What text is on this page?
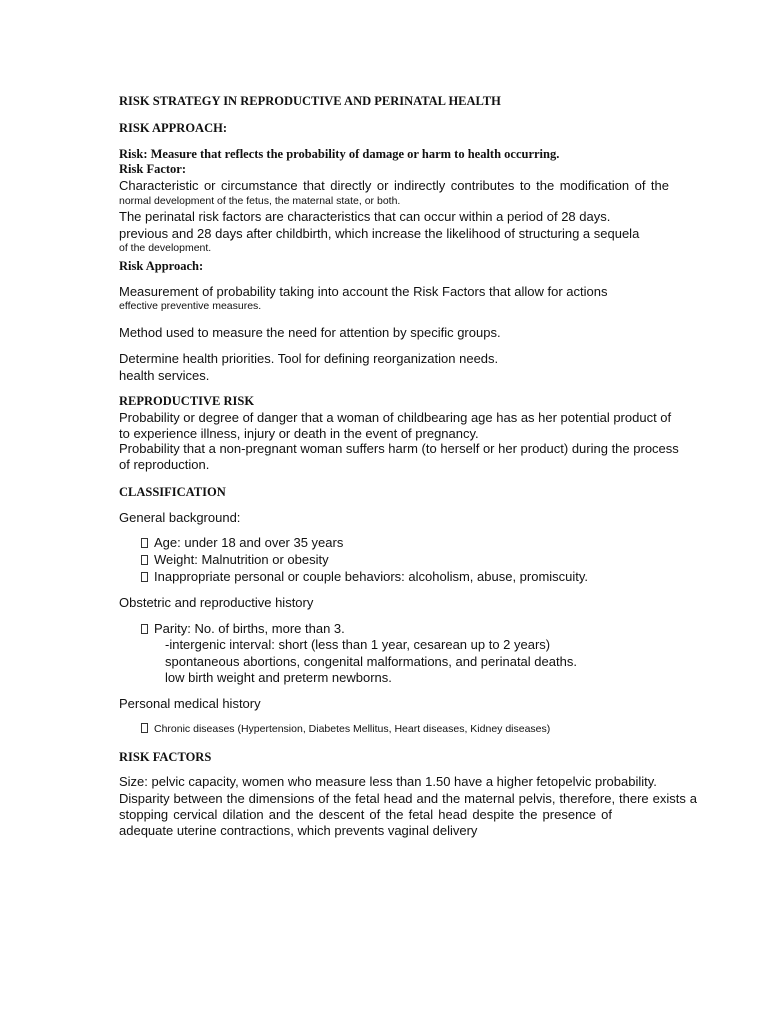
RISK STRATEGY IN REPRODUCTIVE AND PERINATAL HEALTH
RISK APPROACH:
Risk: Measure that reflects the probability of damage or harm to health occurring.
Risk Factor:
Characteristic or circumstance that directly or indirectly contributes to the modification of the
normal development of the fetus, the maternal state, or both.
The perinatal risk factors are characteristics that can occur within a period of 28 days.
previous and 28 days after childbirth, which increase the likelihood of structuring a sequela
of the development.
Risk Approach:
Measurement of probability taking into account the Risk Factors that allow for actions
effective preventive measures.
Method used to measure the need for attention by specific groups.
Determine health priorities. Tool for defining reorganization needs.
health services.
REPRODUCTIVE RISK
Probability or degree of danger that a woman of childbearing age has as her potential product of
to experience illness, injury or death in the event of pregnancy.
Probability that a non-pregnant woman suffers harm (to herself or her product) during the process
of reproduction.
CLASSIFICATION
General background:
Age: under 18 and over 35 years
Weight: Malnutrition or obesity
Inappropriate personal or couple behaviors: alcoholism, abuse, promiscuity.
Obstetric and reproductive history
Parity: No. of births, more than 3.
-intergenic interval: short (less than 1 year, cesarean up to 2 years)
spontaneous abortions, congenital malformations, and perinatal deaths.
low birth weight and preterm newborns.
Personal medical history
Chronic diseases (Hypertension, Diabetes Mellitus, Heart diseases, Kidney diseases)
RISK FACTORS
Size: pelvic capacity, women who measure less than 1.50 have a higher fetopelvic probability.
Disparity between the dimensions of the fetal head and the maternal pelvis, therefore, there exists a
stopping cervical dilation and the descent of the fetal head despite the presence of
adequate uterine contractions, which prevents vaginal delivery
